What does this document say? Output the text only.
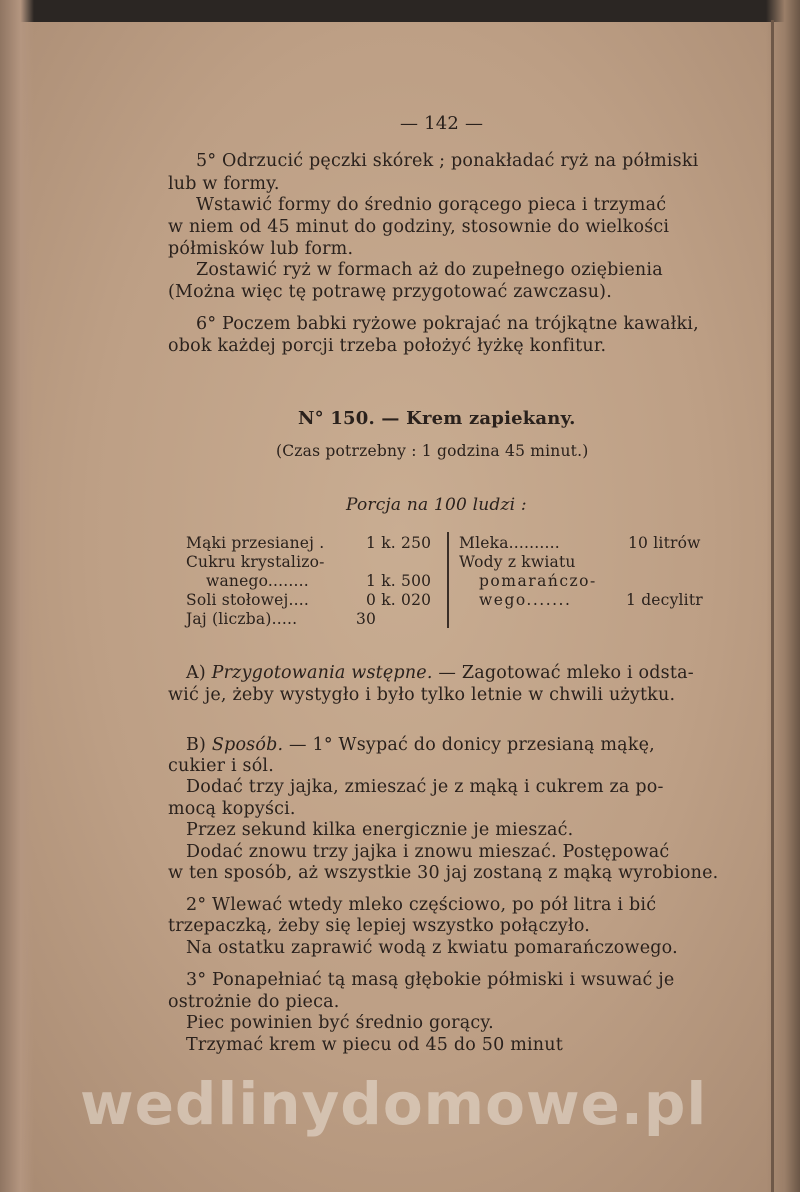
— 142 —
5° Odrzucić pęczki skórek ; ponakładać ryż na półmiski
lub w formy.
Wstawić formy do średnio gorącego pieca i trzymać
w niem od 45 minut do godziny, stosownie do wielkości
półmisków lub form.
Zostawić ryż w formach aż do zupełnego oziębienia
(Można więc tę potrawę przygotować zawczasu).
6° Poczem babki ryżowe pokrajać na trójkątne kawałki,
obok każdej porcji trzeba położyć łyżkę konfitur.
N° 150. — Krem zapiekany.
(Czas potrzebny : 1 godzina 45 minut.)
Porcja na 100 ludzi :
Mąki przesianej .	1 k. 250
Cukru krystalizo-
wanego........	1 k. 500
Soli stołowej....	0 k. 020
Jaj (liczba).....	30
Mleka..........	10 litrów
Wody z kwiatu
pomarańczo-
wego.......	1 decylitr
A) Przygotowania wstępne. — Zagotować mleko i odsta-
wić je, żeby wystygło i było tylko letnie w chwili użytku.
B) Sposób. — 1° Wsypać do donicy przesianą mąkę,
cukier i sól.
Dodać trzy jajka, zmieszać je z mąką i cukrem za po-
mocą kopyści.
Przez sekund kilka energicznie je mieszać.
Dodać znowu trzy jajka i znowu mieszać. Postępować
w ten sposób, aż wszystkie 30 jaj zostaną z mąką wyrobione.
2° Wlewać wtedy mleko częściowo, po pół litra i bić
trzepaczką, żeby się lepiej wszystko połączyło.
Na ostatku zaprawić wodą z kwiatu pomarańczowego.
3° Ponapełniać tą masą głębokie półmiski i wsuwać je
ostrożnie do pieca.
Piec powinien być średnio gorący.
Trzymać krem w piecu od 45 do 50 minut
wedlinydomowe.pl
